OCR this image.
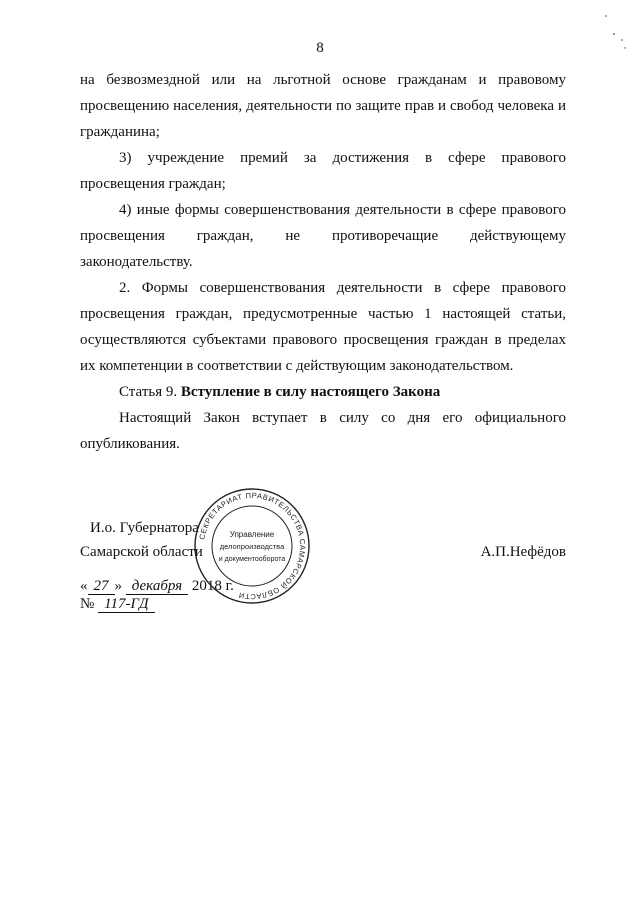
8

на безвозмездной или на льготной основе гражданам и правовому просвещению населения, деятельности по защите прав и свобод человека и гражданина;

3) учреждение премий за достижения в сфере правового просвещения граждан;

4) иные формы совершенствования деятельности в сфере правового просвещения граждан, не противоречащие действующему законодательству.

2. Формы совершенствования деятельности в сфере правового просвещения граждан, предусмотренные частью 1 настоящей статьи, осуществляются субъектами правового просвещения граждан в пределах их компетенции в соответствии с действующим законодательством.

Статья 9. Вступление в силу настоящего Закона

Настоящий Закон вступает в силу со дня его официального опубликования.

И.о. Губернатора
Самарской области	А.П.Нефёдов
« 27 » декабря 2018 г.
№ 117-ГД
СЕКРЕТАРИАТ ПРАВИТЕЛЬСТВА САМАРСКОЙ ОБЛАСТИ
Управление
делопроизводства
и документооборота
